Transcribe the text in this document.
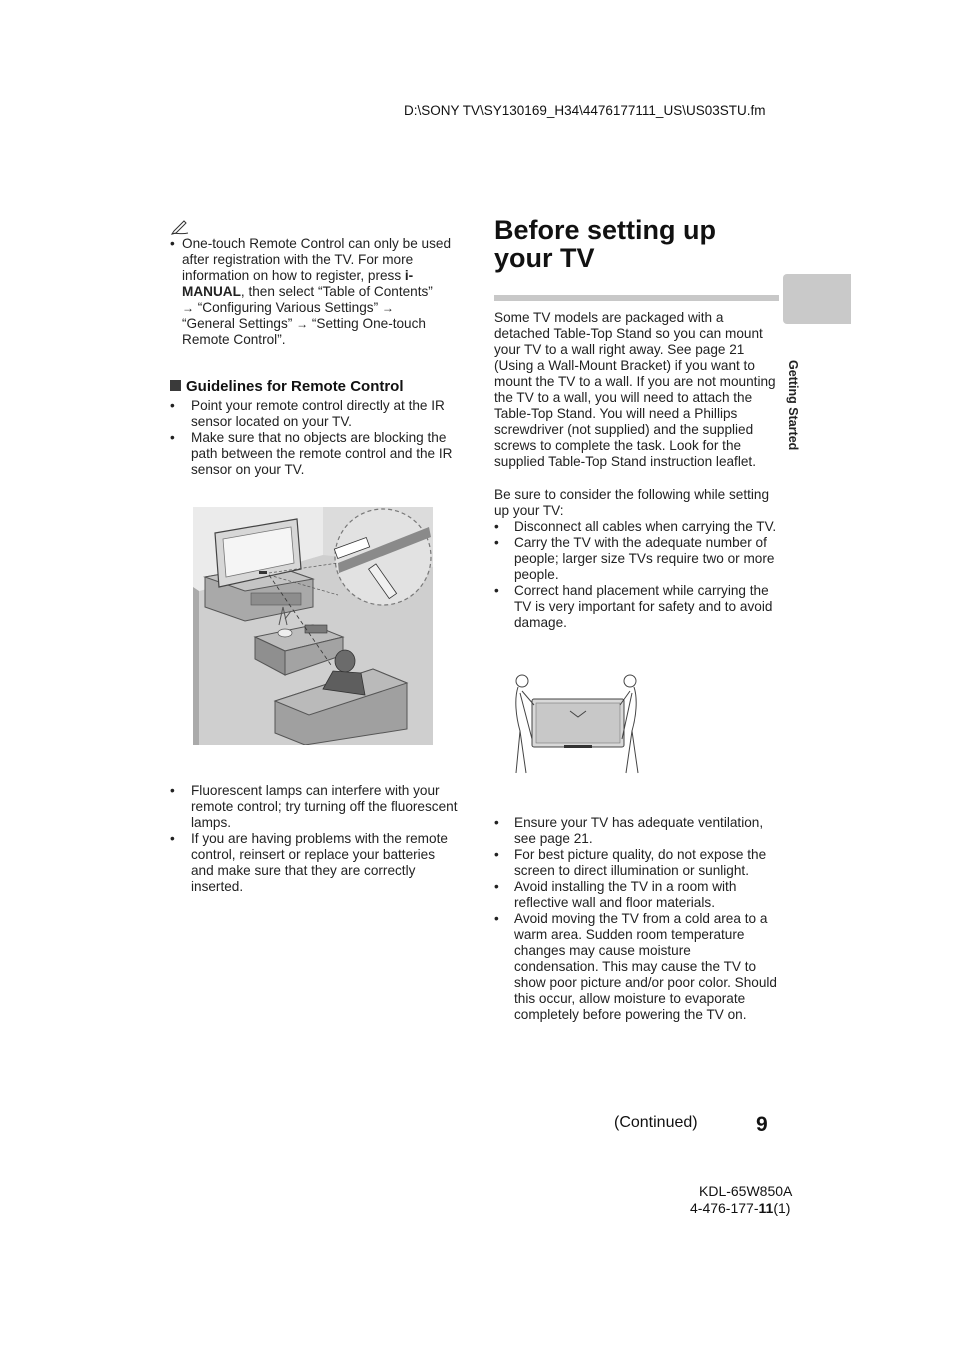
D:\SONY TV\SY130169_H34\4476177111_US\US03STU.fm
• One-touch Remote Control can only be used after registration with the TV. For more information on how to register, press i-MANUAL, then select “Table of Contents”
→ “Configuring Various Settings” →
“General Settings” → “Setting One-touch Remote Control”.
Guidelines for Remote Control
• Point your remote control directly at the IR sensor located on your TV.
• Make sure that no objects are blocking the path between the remote control and the IR sensor on your TV.
• Fluorescent lamps can interfere with your remote control; try turning off the fluorescent lamps.
• If you are having problems with the remote control, reinsert or replace your batteries and make sure that they are correctly inserted.
Before setting up your TV

Some TV models are packaged with a detached Table-Top Stand so you can mount your TV to a wall right away. See page 21 (Using a Wall-Mount Bracket) if you want to mount the TV to a wall. If you are not mounting the TV to a wall, you will need to attach the Table-Top Stand. You will need a Phillips screwdriver (not supplied) and the supplied screws to complete the task. Look for the supplied Table-Top Stand instruction leaflet.

Be sure to consider the following while setting up your TV:

• Disconnect all cables when carrying the TV.
• Carry the TV with the adequate number of people; larger size TVs require two or more people.
• Correct hand placement while carrying the TV is very important for safety and to avoid damage.
• Ensure your TV has adequate ventilation, see page 21.
• For best picture quality, do not expose the screen to direct illumination or sunlight.
• Avoid installing the TV in a room with reflective wall and floor materials.
• Avoid moving the TV from a cold area to a warm area. Sudden room temperature changes may cause moisture condensation. This may cause the TV to show poor picture and/or poor color. Should this occur, allow moisture to evaporate completely before powering the TV on.
Getting Started
(Continued)	9
KDL-65W850A
4-476-177-11(1)
